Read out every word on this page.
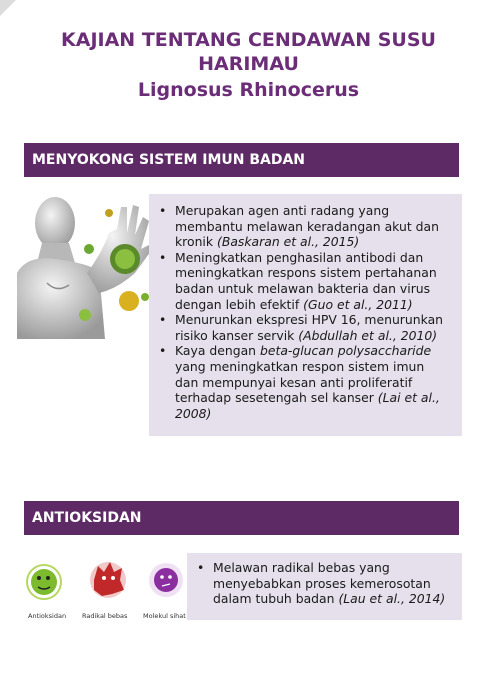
KAJIAN TENTANG CENDAWAN SUSU
HARIMAU
Lignosus Rhinocerus
MENYOKONG SISTEM IMUN BADAN
• Merupakan agen anti radang yang membantu melawan keradangan akut dan kronik (Baskaran et al., 2015)
• Meningkatkan penghasilan antibodi dan meningkatkan respons sistem pertahanan badan untuk melawan bakteria dan virus dengan lebih efektif (Guo et al., 2011)
• Menurunkan ekspresi HPV 16, menurunkan risiko kanser servik (Abdullah et al., 2010)
• Kaya dengan beta-glucan polysaccharide yang meningkatkan respon sistem imun dan mempunyai kesan anti proliferatif terhadap sesetengah sel kanser (Lai et al., 2008)
ANTIOKSIDAN
Antioksidan Radikal bebas Molekul sihat
• Melawan radikal bebas yang menyebabkan proses kemerosotan dalam tubuh badan (Lau et al., 2014)
